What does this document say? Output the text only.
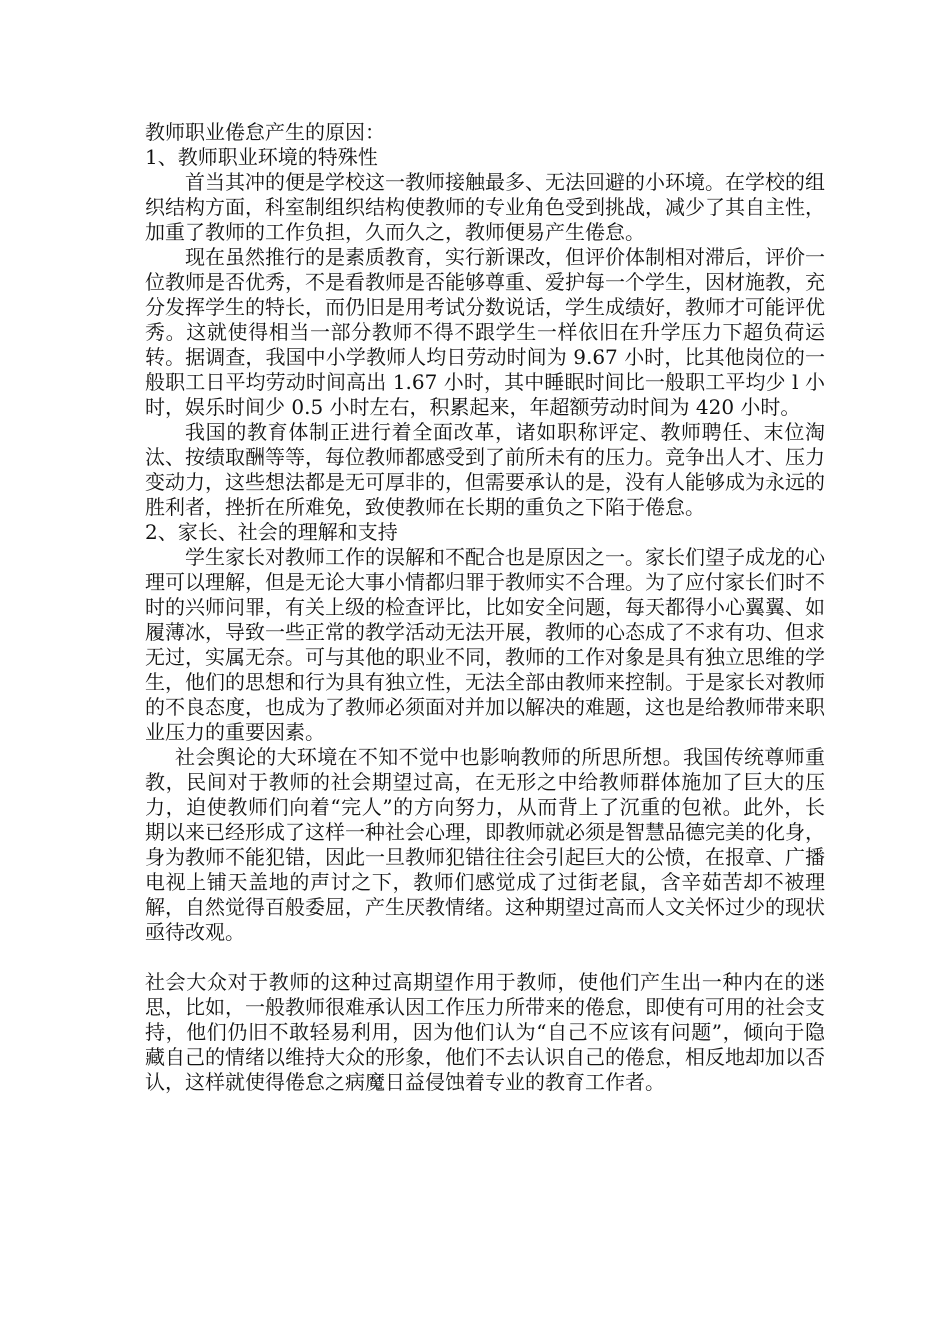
教师职业倦怠产生的原因：

1、教师职业环境的特殊性

首当其冲的便是学校这一教师接触最多、无法回避的小环境。在学校的组织结构方面，科室制组织结构使教师的专业角色受到挑战，减少了其自主性，加重了教师的工作负担，久而久之，教师便易产生倦怠。

现在虽然推行的是素质教育，实行新课改，但评价体制相对滞后，评价一位教师是否优秀，不是看教师是否能够尊重、爱护每一个学生，因材施教，充分发挥学生的特长，而仍旧是用考试分数说话，学生成绩好，教师才可能评优秀。这就使得相当一部分教师不得不跟学生一样依旧在升学压力下超负荷运转。据调查，我国中小学教师人均日劳动时间为 9.67 小时，比其他岗位的一般职工日平均劳动时间高出 1.67 小时，其中睡眠时间比一般职工平均少 l 小时，娱乐时间少 0.5 小时左右，积累起来，年超额劳动时间为 420 小时。

我国的教育体制正进行着全面改革，诸如职称评定、教师聘任、末位淘汰、按绩取酬等等，每位教师都感受到了前所未有的压力。竞争出人才、压力变动力，这些想法都是无可厚非的，但需要承认的是，没有人能够成为永远的胜利者，挫折在所难免，致使教师在长期的重负之下陷于倦怠。

2、家长、社会的理解和支持

学生家长对教师工作的误解和不配合也是原因之一。家长们望子成龙的心理可以理解，但是无论大事小情都归罪于教师实不合理。为了应付家长们时不时的兴师问罪，有关上级的检查评比，比如安全问题，每天都得小心翼翼、如履薄冰，导致一些正常的教学活动无法开展，教师的心态成了不求有功、但求无过，实属无奈。可与其他的职业不同，教师的工作对象是具有独立思维的学生，他们的思想和行为具有独立性，无法全部由教师来控制。于是家长对教师的不良态度，也成为了教师必须面对并加以解决的难题，这也是给教师带来职业压力的重要因素。

社会舆论的大环境在不知不觉中也影响教师的所思所想。我国传统尊师重教，民间对于教师的社会期望过高，在无形之中给教师群体施加了巨大的压力，迫使教师们向着“完人”的方向努力，从而背上了沉重的包袱。此外，长期以来已经形成了这样一种社会心理，即教师就必须是智慧品德完美的化身，身为教师不能犯错，因此一旦教师犯错往往会引起巨大的公愤，在报章、广播电视上铺天盖地的声讨之下，教师们感觉成了过街老鼠，含辛茹苦却不被理解，自然觉得百般委屈，产生厌教情绪。这种期望过高而人文关怀过少的现状亟待改观。

社会大众对于教师的这种过高期望作用于教师，使他们产生出一种内在的迷思，比如，一般教师很难承认因工作压力所带来的倦怠，即使有可用的社会支持，他们仍旧不敢轻易利用，因为他们认为“自己不应该有问题”，倾向于隐藏自己的情绪以维持大众的形象，他们不去认识自己的倦怠，相反地却加以否认，这样就使得倦怠之病魔日益侵蚀着专业的教育工作者。
